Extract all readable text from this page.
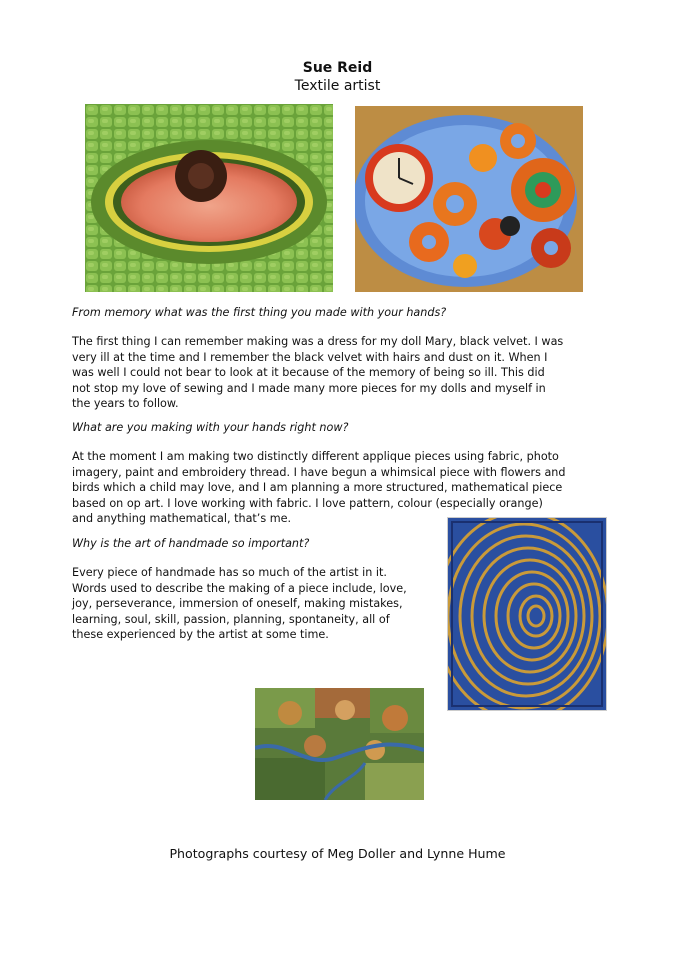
Sue Reid
Textile artist
From memory what was the first thing you made with your hands?
The first thing I can remember making was a dress for my doll Mary, black velvet. I was
very ill at the time and I remember the black velvet with hairs and dust on it. When I
was well I could not bear to look at it because of the memory of being so ill. This did
not stop my love of sewing and I made many more pieces for my dolls and myself in
the years to follow.
What are you making with your hands right now?
At the moment I am making two distinctly different applique pieces using fabric, photo
imagery, paint and embroidery thread. I have begun a whimsical piece with flowers and
birds which a child may love, and I am planning a more structured, mathematical piece
based on op art. I love working with fabric. I love pattern, colour (especially orange)
and anything mathematical, that’s me.
Why is the art of handmade so important?
Every piece of handmade has so much of the artist in it.
Words used to describe the making of a piece include, love,
joy, perseverance, immersion of oneself, making mistakes,
learning, soul, skill, passion, planning, spontaneity, all of
these experienced by the artist at some time.
Photographs courtesy of Meg Doller and Lynne Hume
